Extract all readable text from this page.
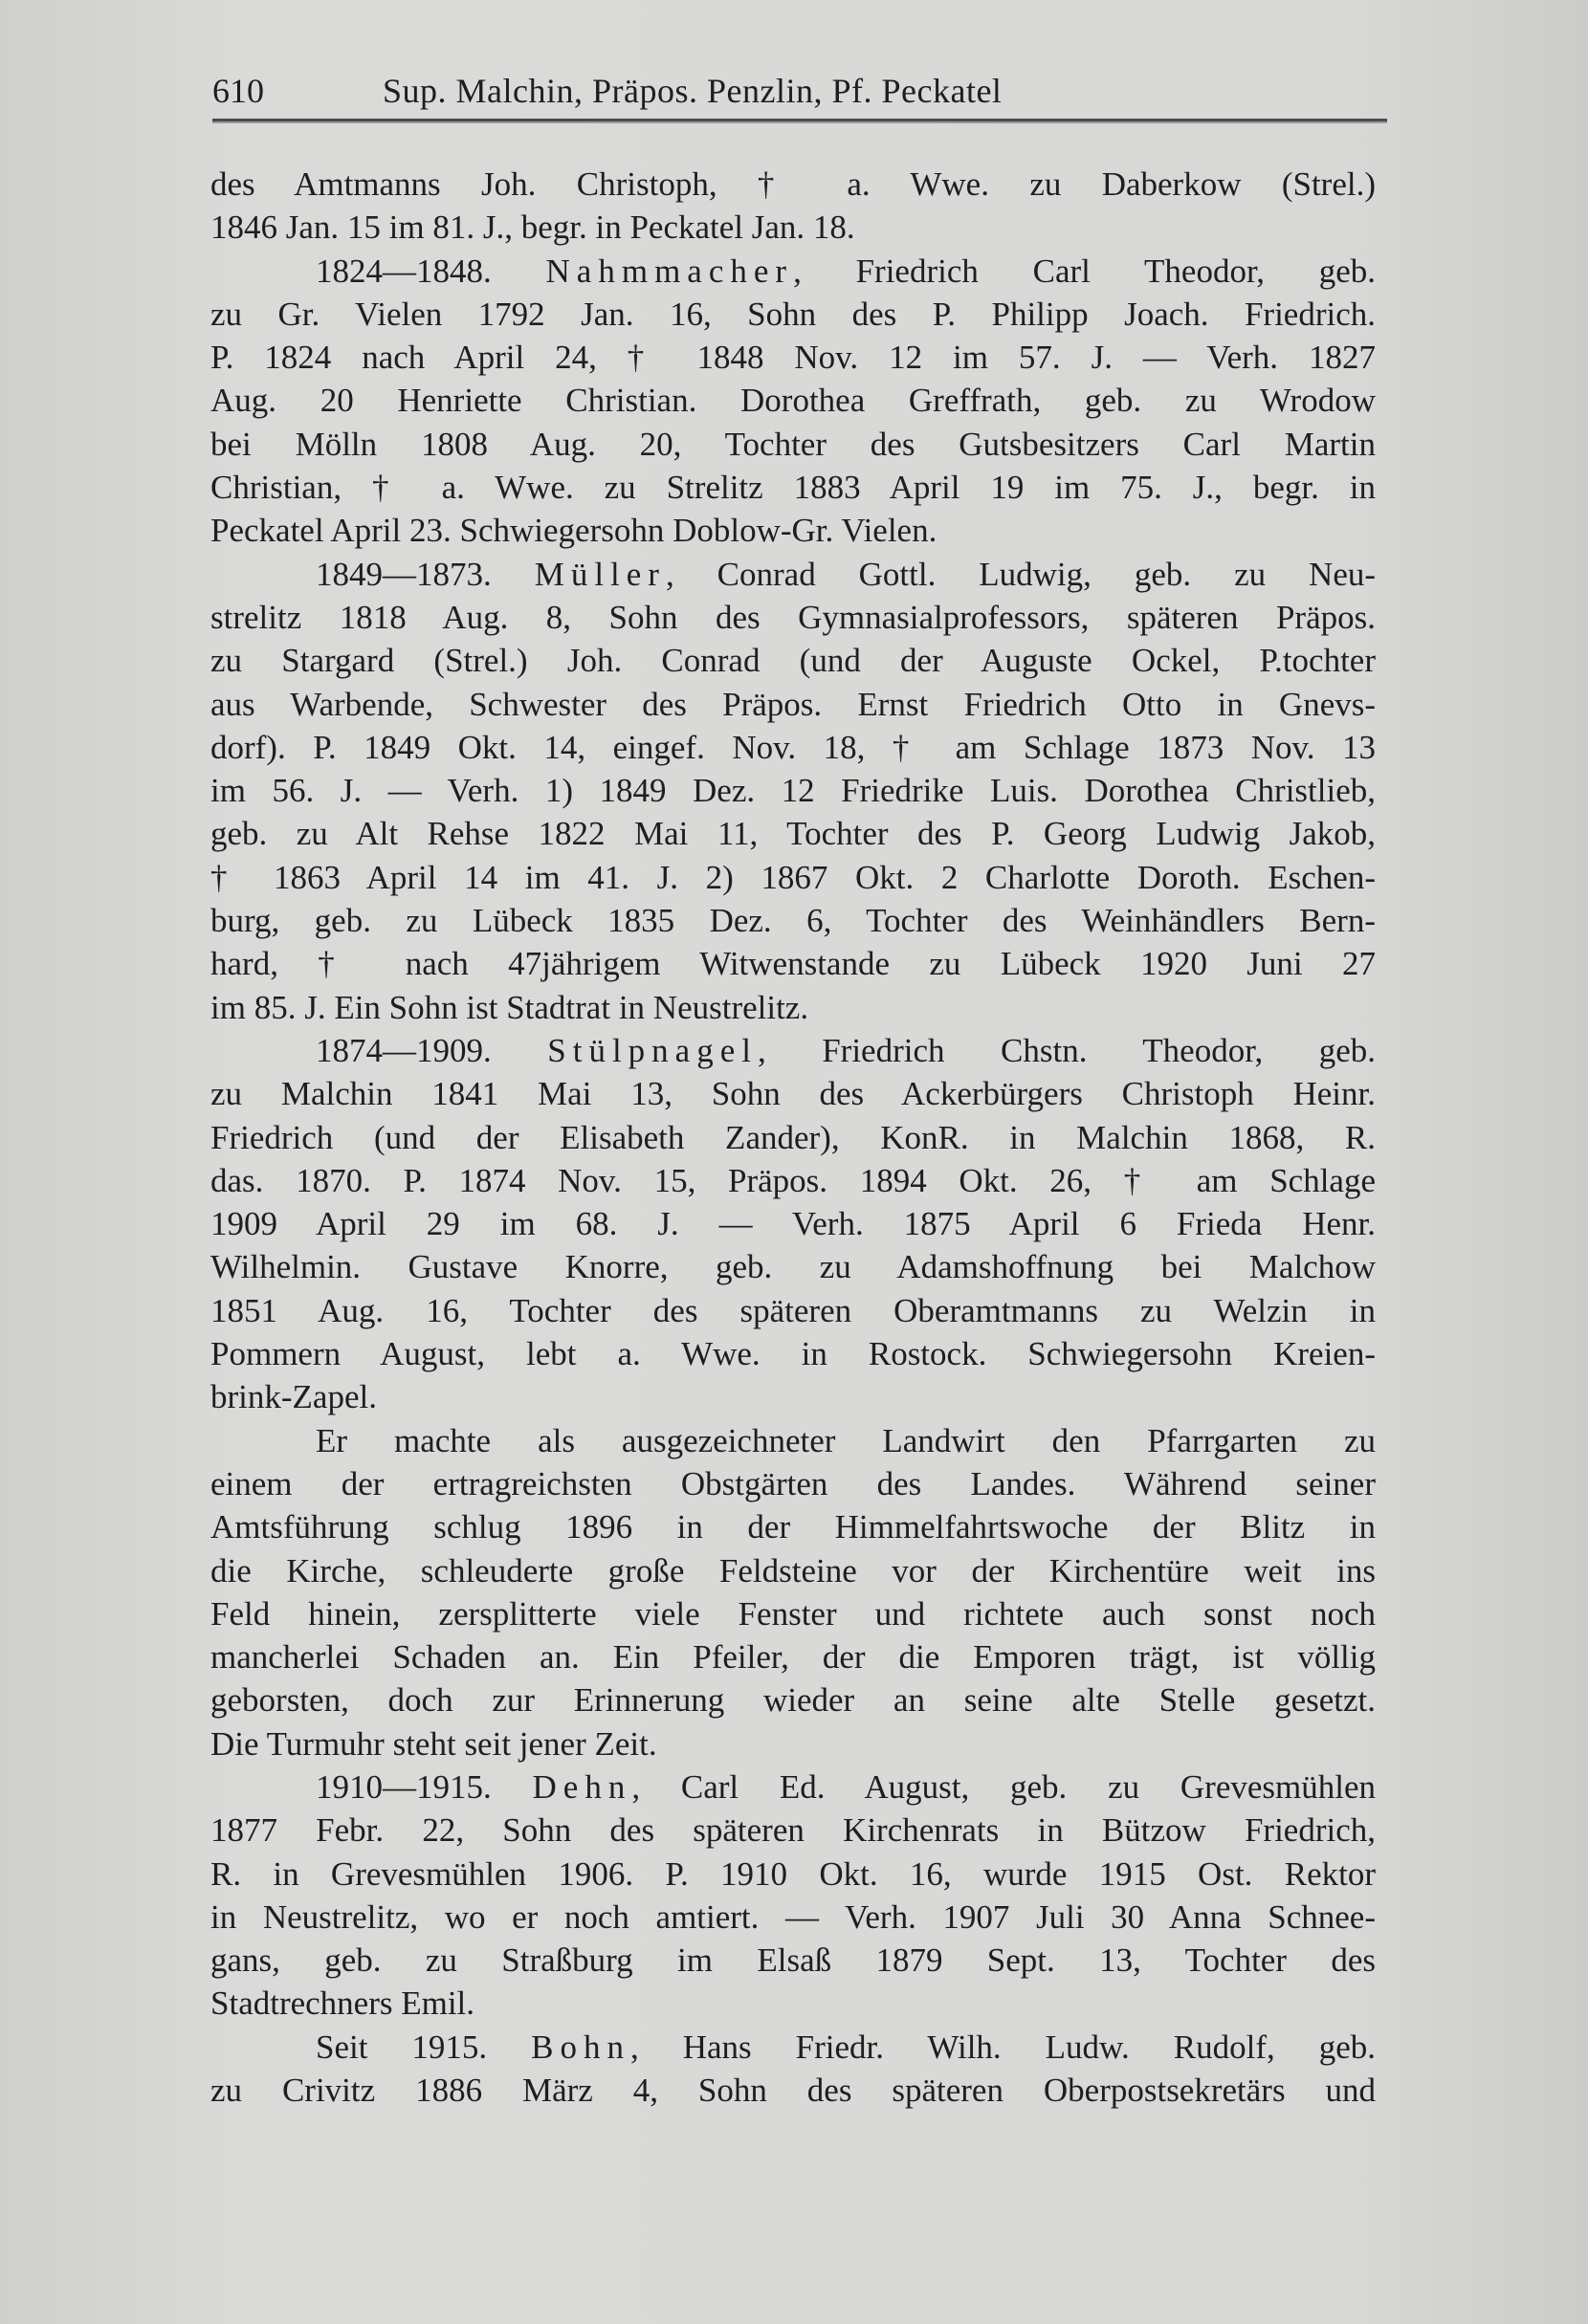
610	Sup. Malchin, Präpos. Penzlin, Pf. Peckatel
des Amtmanns Joh. Christoph, † a. Wwe. zu Daberkow (Strel.)
1846 Jan. 15 im 81. J., begr. in Peckatel Jan. 18.
1824—1848. Nahmmacher, Friedrich Carl Theodor, geb.
zu Gr. Vielen 1792 Jan. 16, Sohn des P. Philipp Joach. Friedrich.
P. 1824 nach April 24, † 1848 Nov. 12 im 57. J. — Verh. 1827
Aug. 20 Henriette Christian. Dorothea Greffrath, geb. zu Wrodow
bei Mölln 1808 Aug. 20, Tochter des Gutsbesitzers Carl Martin
Christian, † a. Wwe. zu Strelitz 1883 April 19 im 75. J., begr. in
Peckatel April 23. Schwiegersohn Doblow-Gr. Vielen.
1849—1873. Müller, Conrad Gottl. Ludwig, geb. zu Neu-
strelitz 1818 Aug. 8, Sohn des Gymnasialprofessors, späteren Präpos.
zu Stargard (Strel.) Joh. Conrad (und der Auguste Ockel, P.tochter
aus Warbende, Schwester des Präpos. Ernst Friedrich Otto in Gnevs-
dorf). P. 1849 Okt. 14, eingef. Nov. 18, † am Schlage 1873 Nov. 13
im 56. J. — Verh. 1) 1849 Dez. 12 Friedrike Luis. Dorothea Christlieb,
geb. zu Alt Rehse 1822 Mai 11, Tochter des P. Georg Ludwig Jakob,
† 1863 April 14 im 41. J. 2) 1867 Okt. 2 Charlotte Doroth. Eschen-
burg, geb. zu Lübeck 1835 Dez. 6, Tochter des Weinhändlers Bern-
hard, † nach 47jährigem Witwenstande zu Lübeck 1920 Juni 27
im 85. J. Ein Sohn ist Stadtrat in Neustrelitz.
1874—1909. Stülpnagel, Friedrich Chstn. Theodor, geb.
zu Malchin 1841 Mai 13, Sohn des Ackerbürgers Christoph Heinr.
Friedrich (und der Elisabeth Zander), KonR. in Malchin 1868, R.
das. 1870. P. 1874 Nov. 15, Präpos. 1894 Okt. 26, † am Schlage
1909 April 29 im 68. J. — Verh. 1875 April 6 Frieda Henr.
Wilhelmin. Gustave Knorre, geb. zu Adamshoffnung bei Malchow
1851 Aug. 16, Tochter des späteren Oberamtmanns zu Welzin in
Pommern August, lebt a. Wwe. in Rostock. Schwiegersohn Kreien-
brink-Zapel.
Er machte als ausgezeichneter Landwirt den Pfarrgarten zu
einem der ertragreichsten Obstgärten des Landes. Während seiner
Amtsführung schlug 1896 in der Himmelfahrtswoche der Blitz in
die Kirche, schleuderte große Feldsteine vor der Kirchentüre weit ins
Feld hinein, zersplitterte viele Fenster und richtete auch sonst noch
mancherlei Schaden an. Ein Pfeiler, der die Emporen trägt, ist völlig
geborsten, doch zur Erinnerung wieder an seine alte Stelle gesetzt.
Die Turmuhr steht seit jener Zeit.
1910—1915. Dehn, Carl Ed. August, geb. zu Grevesmühlen
1877 Febr. 22, Sohn des späteren Kirchenrats in Bützow Friedrich,
R. in Grevesmühlen 1906. P. 1910 Okt. 16, wurde 1915 Ost. Rektor
in Neustrelitz, wo er noch amtiert. — Verh. 1907 Juli 30 Anna Schnee-
gans, geb. zu Straßburg im Elsaß 1879 Sept. 13, Tochter des
Stadtrechners Emil.
Seit 1915. Bohn, Hans Friedr. Wilh. Ludw. Rudolf, geb.
zu Crivitz 1886 März 4, Sohn des späteren Oberpostsekretärs und
